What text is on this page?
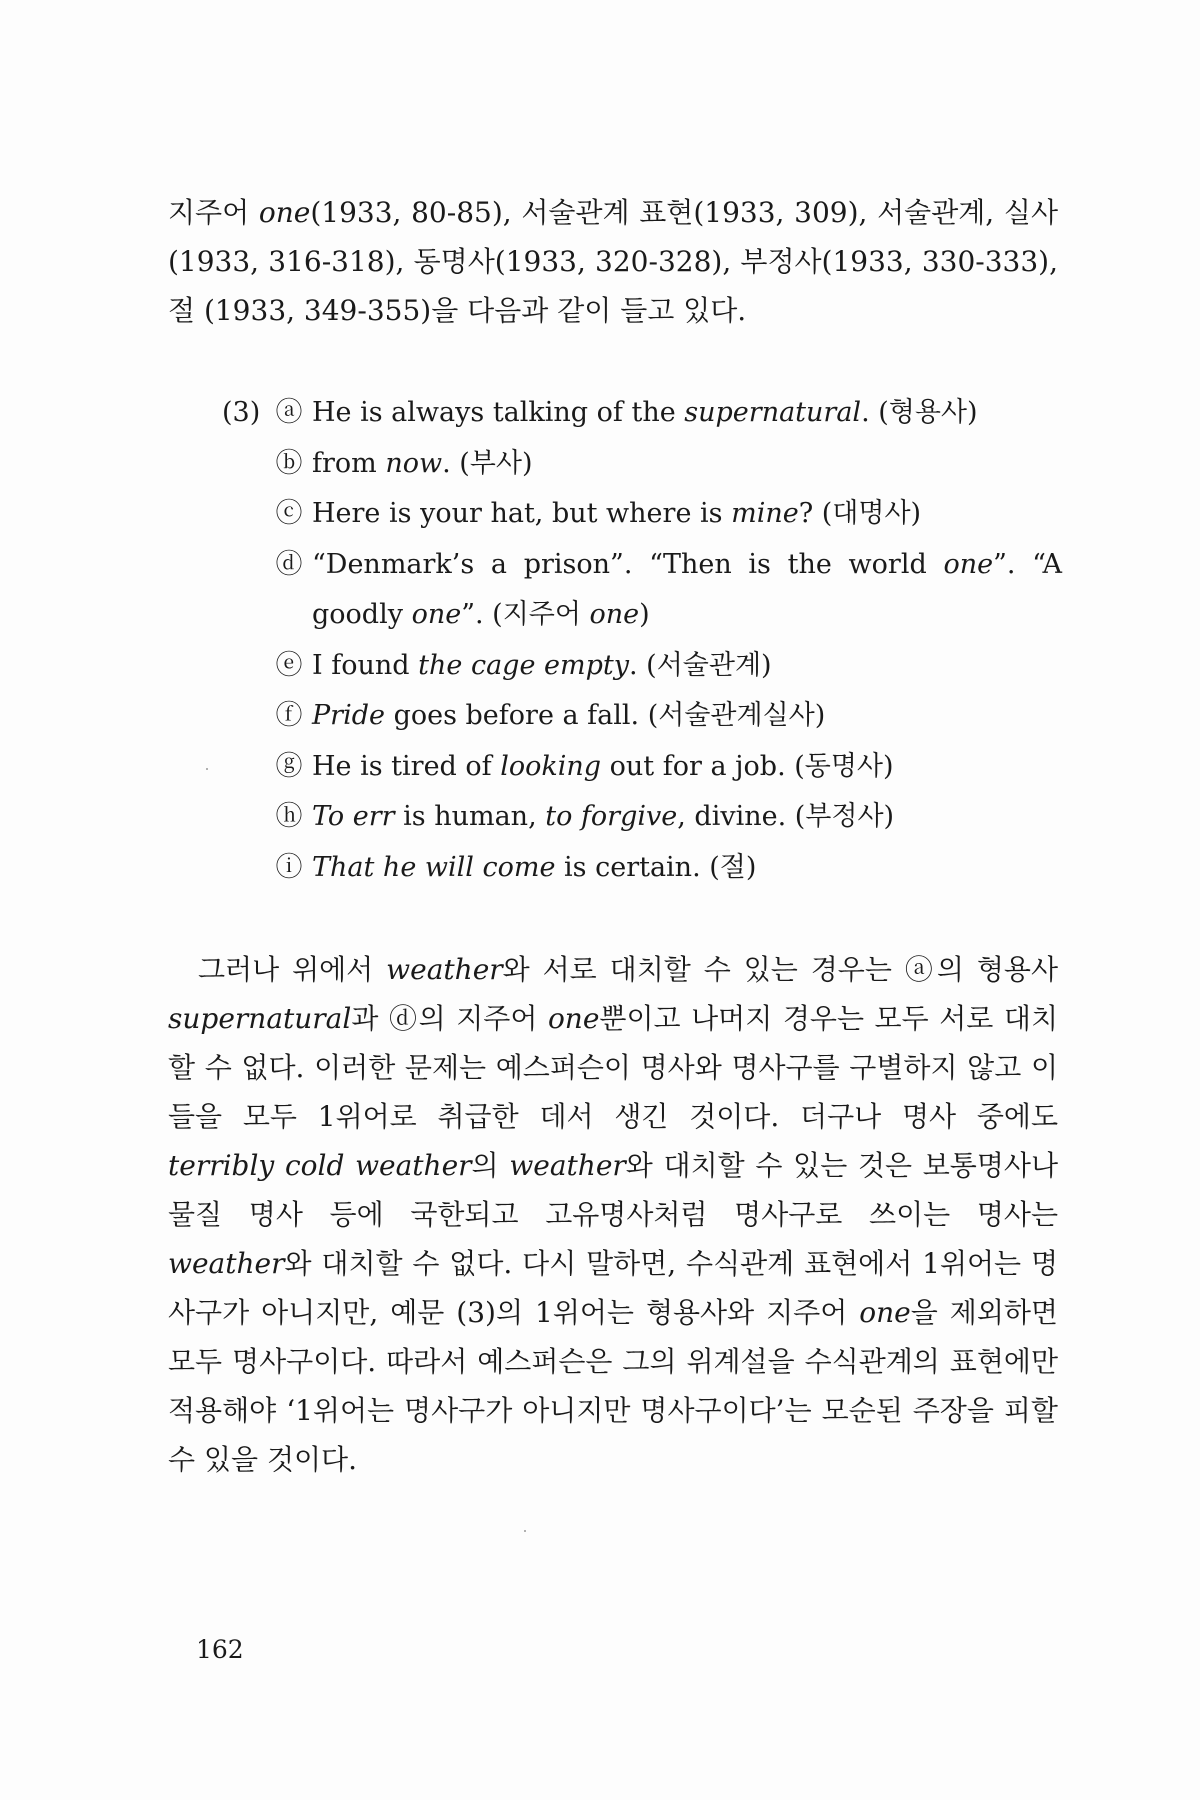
지주어 one(1933, 80-85), 서술관계 표현(1933, 309), 서술관계, 실사 (1933, 316-318), 동명사(1933, 320-328), 부정사(1933, 330-333), 절 (1933, 349-355)을 다음과 같이 들고 있다.

(3) ⓐ He is always talking of the supernatural. (형용사)
ⓑ from now. (부사)
ⓒ Here is your hat, but where is mine? (대명사)
ⓓ “Denmark’s a prison”. “Then is the world one”. “A goodly one”. (지주어 one)
ⓔ I found the cage empty. (서술관계)
ⓕ Pride goes before a fall. (서술관계실사)
ⓖ He is tired of looking out for a job. (동명사)
ⓗ To err is human, to forgive, divine. (부정사)
ⓘ That he will come is certain. (절)

그러나 위에서 weather와 서로 대치할 수 있는 경우는 ⓐ의 형용사 supernatural과 ⓓ의 지주어 one뿐이고 나머지 경우는 모두 서로 대치할 수 없다. 이러한 문제는 예스퍼슨이 명사와 명사구를 구별하지 않고 이들을 모두 1위어로 취급한 데서 생긴 것이다. 더구나 명사 중에도 terribly cold weather의 weather와 대치할 수 있는 것은 보통명사나 물질 명사 등에 국한되고 고유명사처럼 명사구로 쓰이는 명사는 weather와 대치할 수 없다. 다시 말하면, 수식관계 표현에서 1위어는 명사구가 아니지만, 예문 (3)의 1위어는 형용사와 지주어 one을 제외하면 모두 명사구이다. 따라서 예스퍼슨은 그의 위계설을 수식관계의 표현에만 적용해야 ‘1위어는 명사구가 아니지만 명사구이다’는 모순된 주장을 피할 수 있을 것이다.

162
